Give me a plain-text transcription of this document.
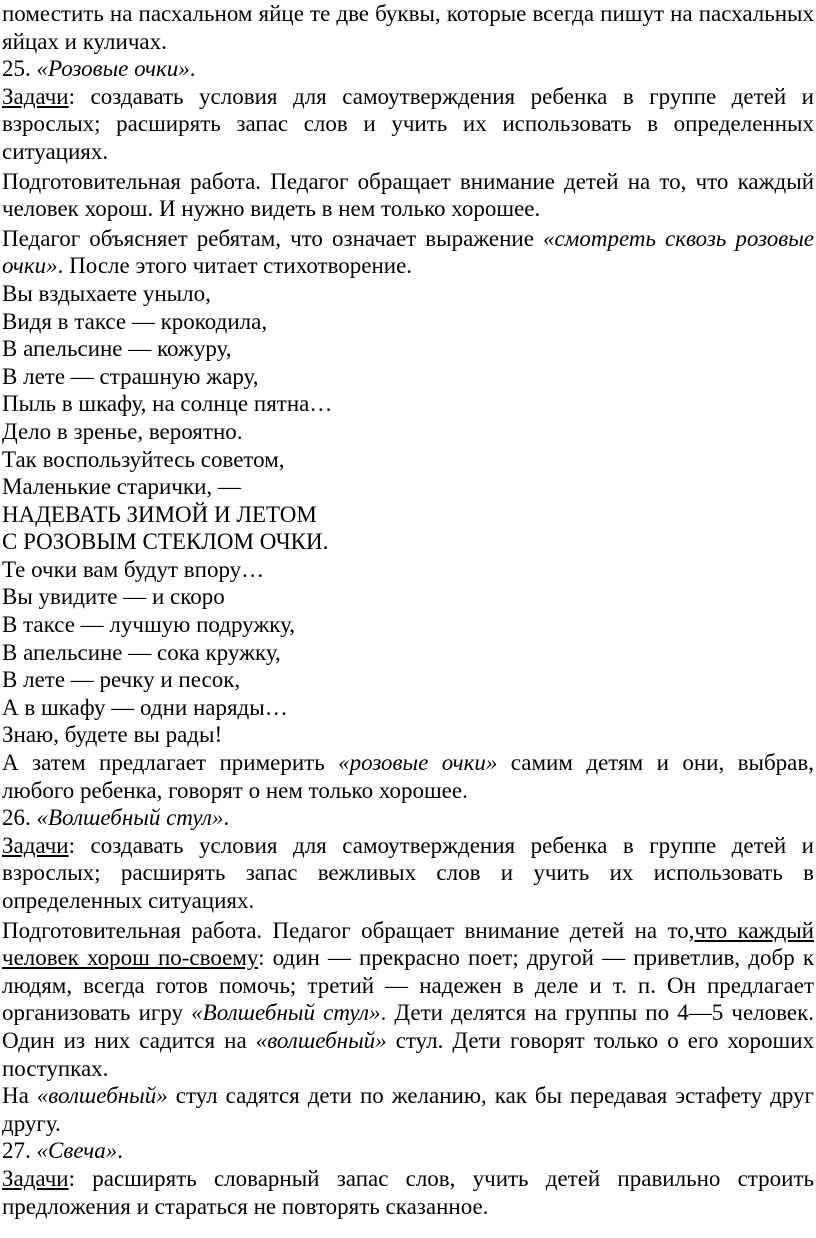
поместить на пасхальном яйце те две буквы, которые всегда пишут на пасхальных яйцах и куличах.

25. «Розовые очки».

Задачи: создавать условия для самоутверждения ребенка в группе детей и взрослых; расширять запас слов и учить их использовать в определенных ситуациях.

Подготовительная работа. Педагог обращает внимание детей на то, что каждый человек хорош. И нужно видеть в нем только хорошее.

Педагог объясняет ребятам, что означает выражение «смотреть сквозь розовые очки». После этого читает стихотворение.

Вы вздыхаете уныло,

Видя в таксе — крокодила,

В апельсине — кожуру,

В лете — страшную жару,

Пыль в шкафу, на солнце пятна…

Дело в зренье, вероятно.

Так воспользуйтесь советом,

Маленькие старички, —

НАДЕВАТЬ ЗИМОЙ И ЛЕТОМ

С РОЗОВЫМ СТЕКЛОМ ОЧКИ.

Те очки вам будут впору…

Вы увидите — и скоро

В таксе — лучшую подружку,

В апельсине — сока кружку,

В лете — речку и песок,

А в шкафу — одни наряды…

Знаю, будете вы рады!

А затем предлагает примерить «розовые очки» самим детям и они, выбрав, любого ребенка, говорят о нем только хорошее.

26. «Волшебный стул».

Задачи: создавать условия для самоутверждения ребенка в группе детей и взрослых; расширять запас вежливых слов и учить их использовать в определенных ситуациях.

Подготовительная работа. Педагог обращает внимание детей на то,что каждый человек хорош по-своему: один — прекрасно поет; другой — приветлив, добр к людям, всегда готов помочь; третий — надежен в деле и т. п. Он предлагает организовать игру «Волшебный стул». Дети делятся на группы по 4—5 человек. Один из них садится на «волшебный» стул. Дети говорят только о его хороших поступках.

На «волшебный» стул садятся дети по желанию, как бы передавая эстафету друг другу.

27. «Свеча».

Задачи: расширять словарный запас слов, учить детей правильно строить предложения и стараться не повторять сказанное.
